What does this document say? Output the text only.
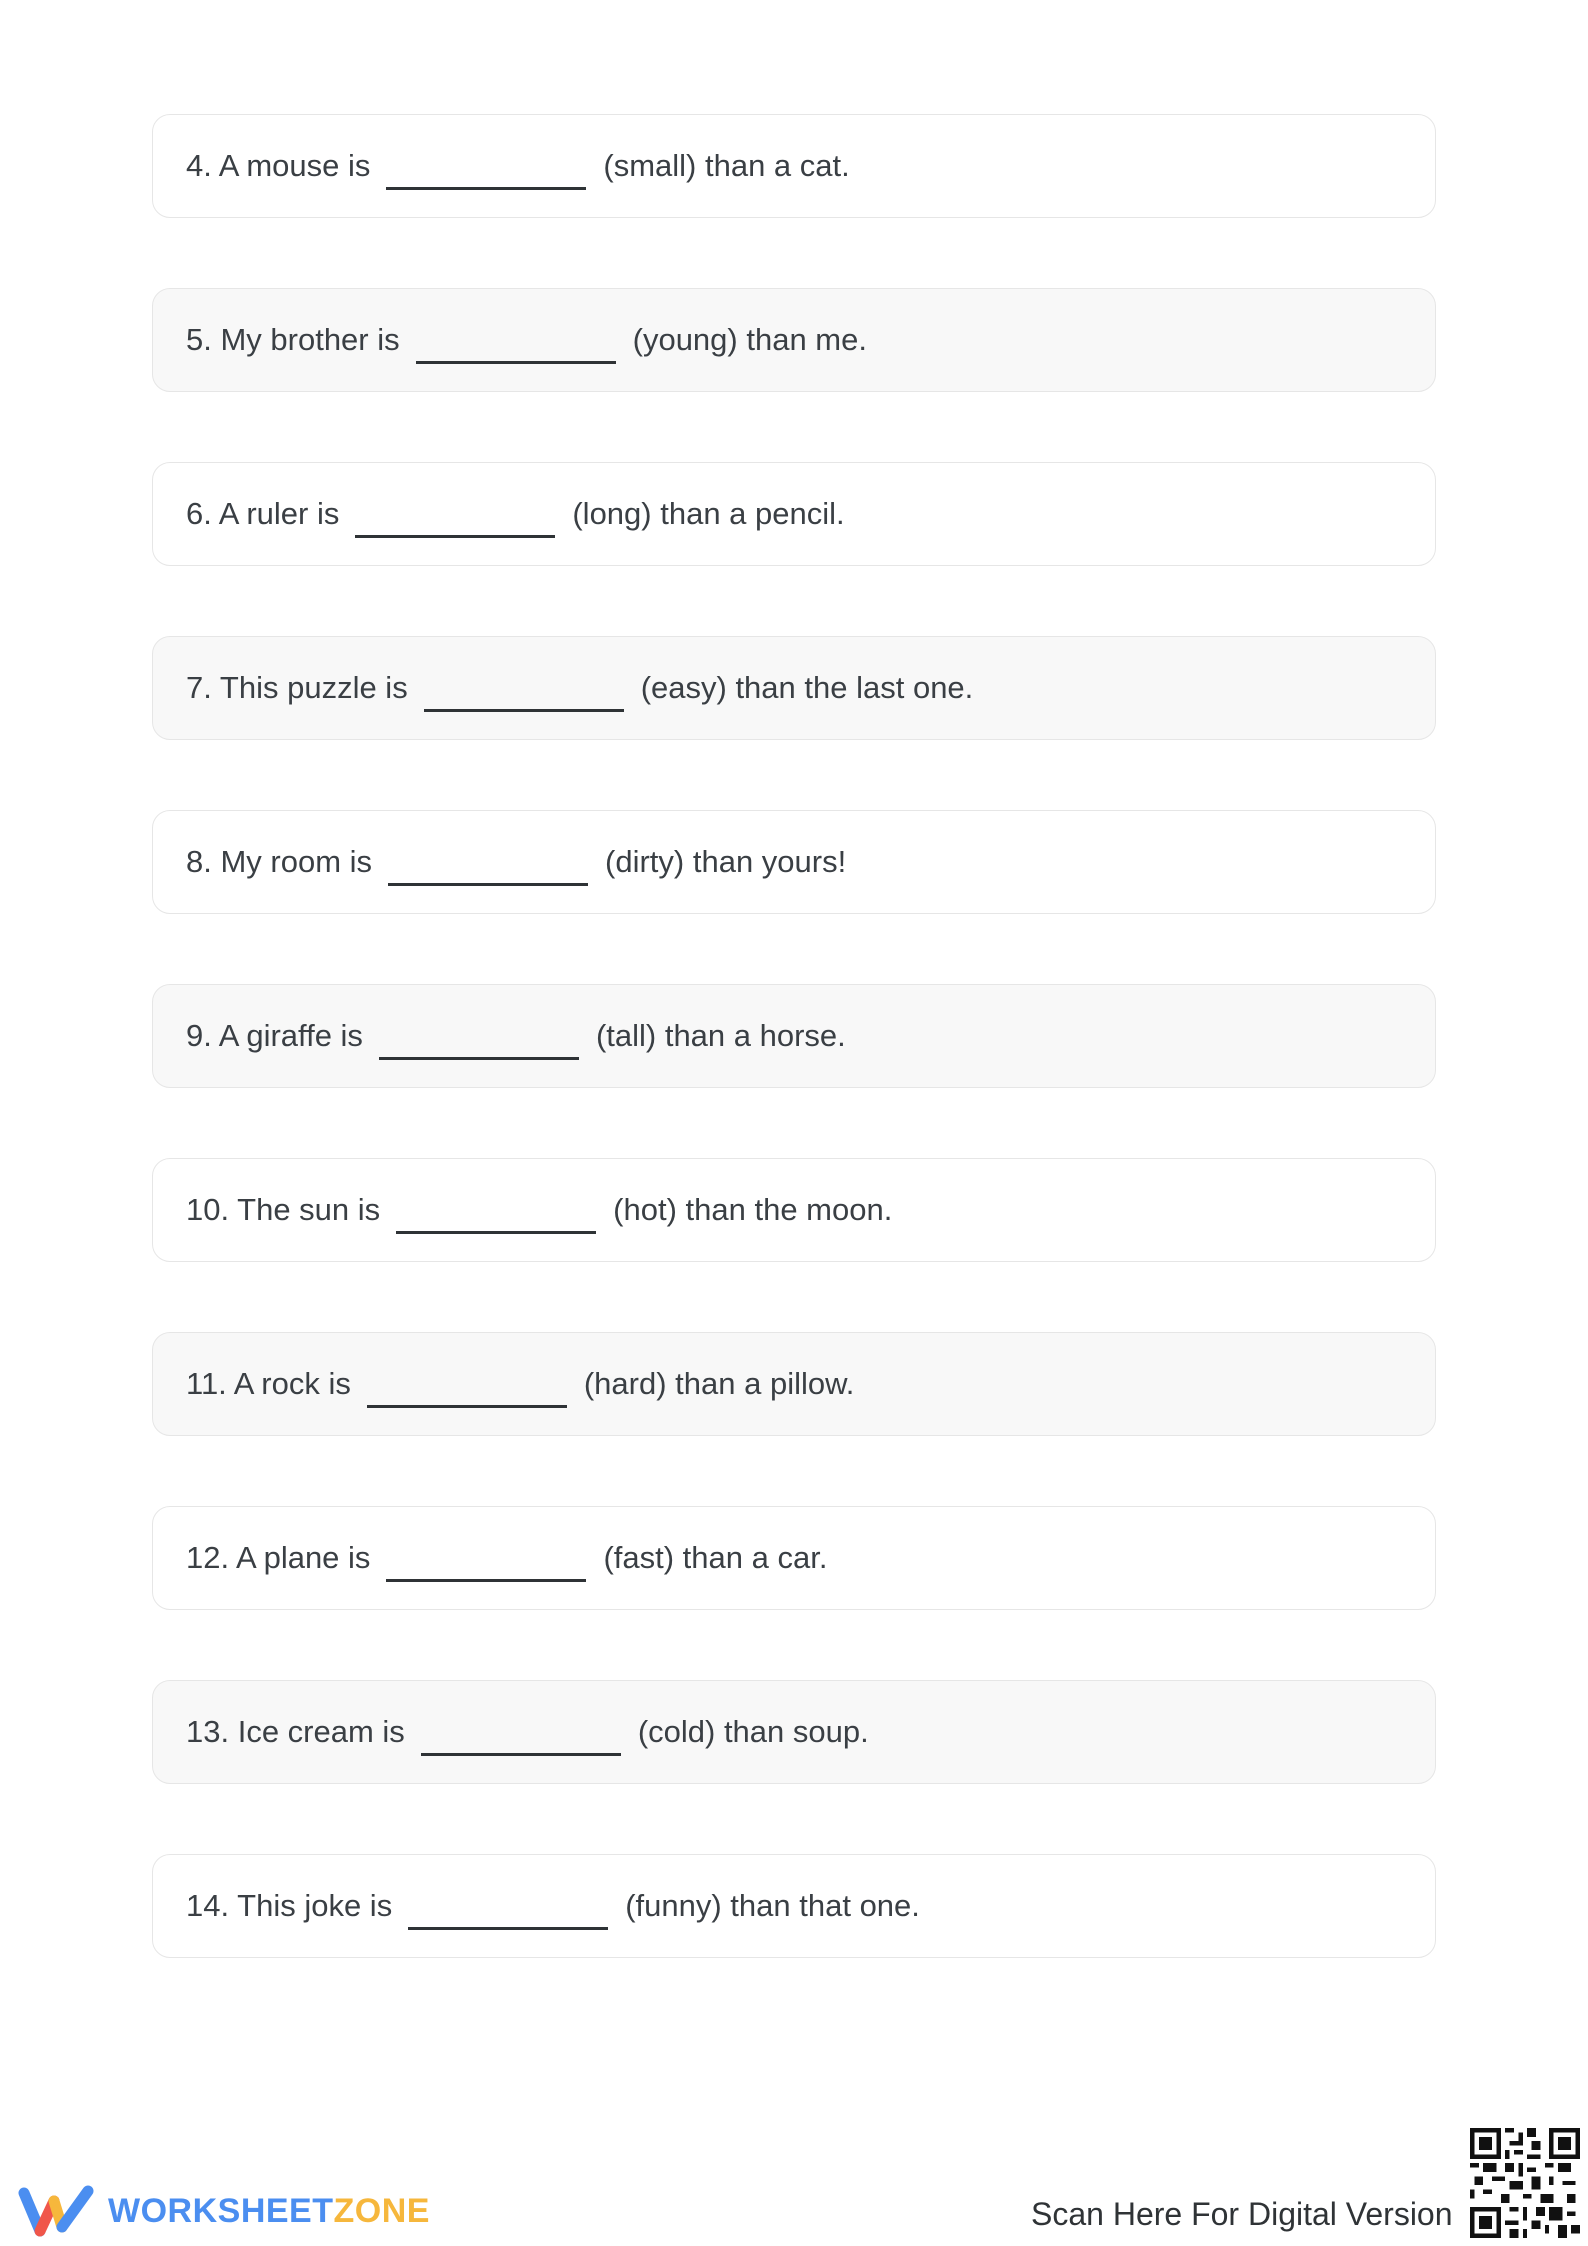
4. A mouse is	(small) than a cat.
5. My brother is	(young) than me.
6. A ruler is	(long) than a pencil.
7. This puzzle is	(easy) than the last one.
8. My room is	(dirty) than yours!
9. A giraffe is	(tall) than a horse.
10. The sun is	(hot) than the moon.
11. A rock is	(hard) than a pillow.
12. A plane is	(fast) than a car.
13. Ice cream is	(cold) than soup.
14. This joke is	(funny) than that one.
WORKSHEETZONE	Scan Here For Digital Version
